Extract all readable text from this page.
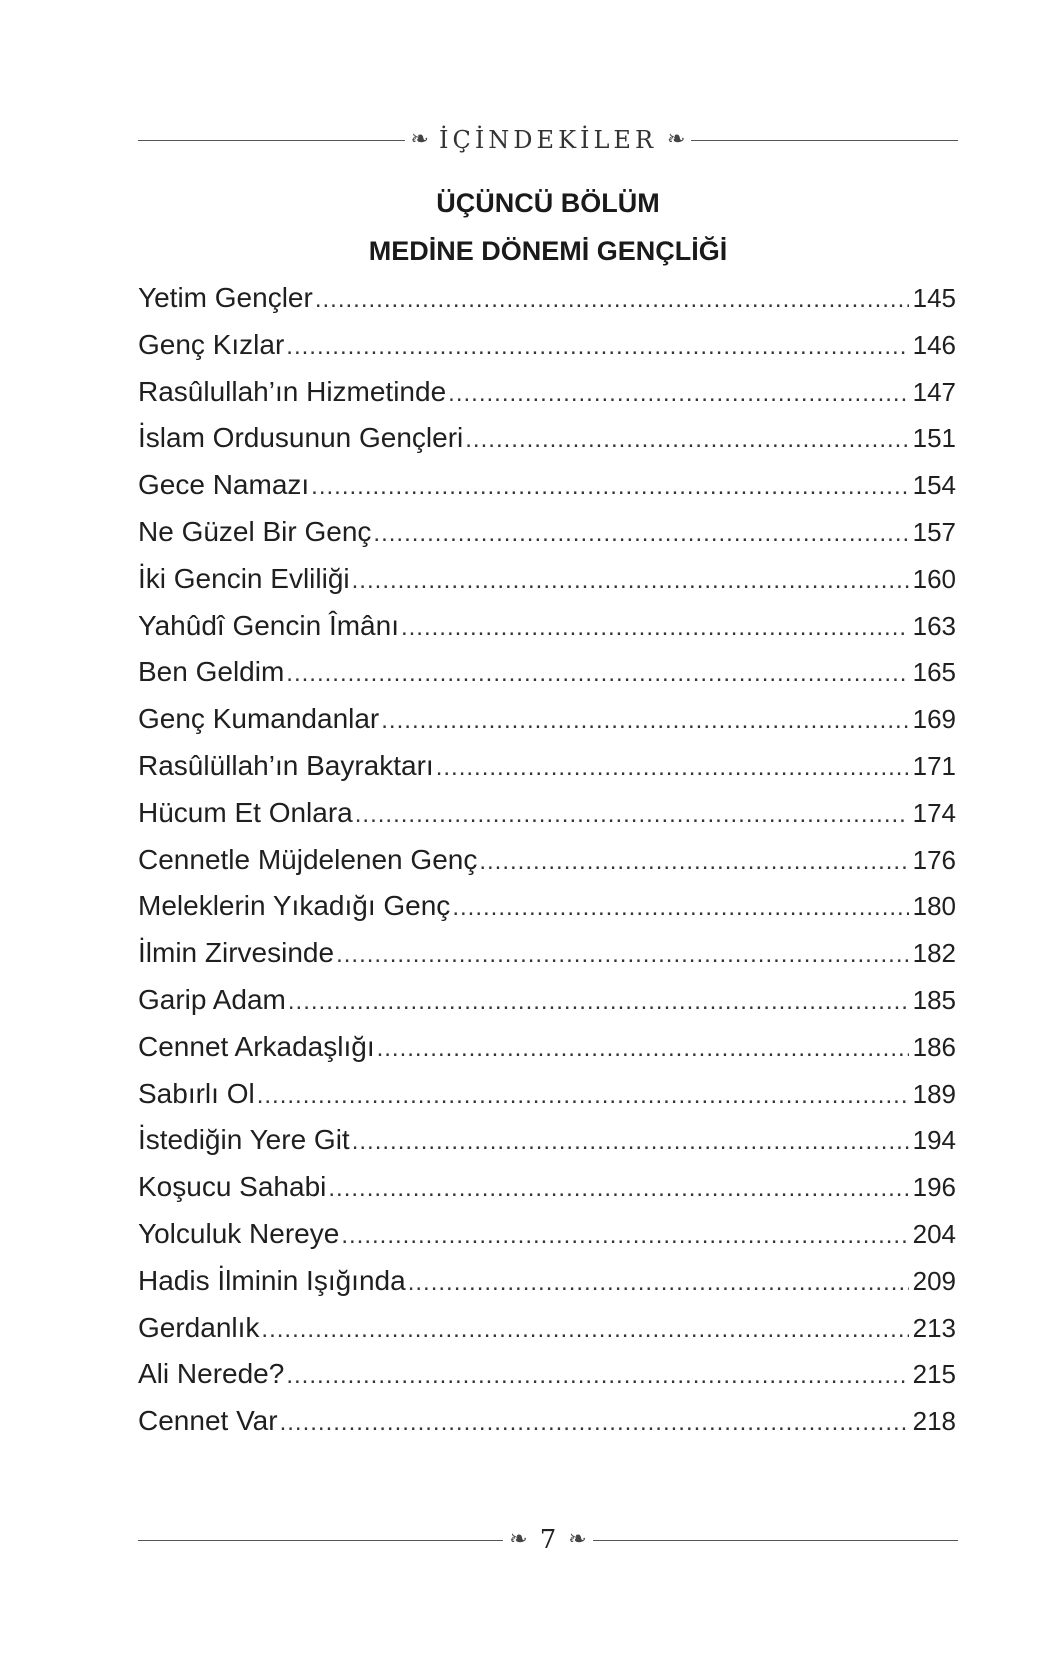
❧ İÇİNDEKİLER ❧
ÜÇÜNCÜ BÖLÜM
MEDİNE DÖNEMİ GENÇLİĞİ
Yetim Gençler .....	145
Genç Kızlar .....	146
Rasûlullah’ın Hizmetinde .....	147
İslam Ordusunun Gençleri .....	151
Gece Namazı .....	154
Ne Güzel Bir Genç .....	157
İki Gencin Evliliği .....	160
Yahûdî Gencin Îmânı .....	163
Ben Geldim .....	165
Genç Kumandanlar .....	169
Rasûlüllah’ın Bayraktarı .....	171
Hücum Et Onlara .....	174
Cennetle Müjdelenen Genç .....	176
Meleklerin Yıkadığı Genç .....	180
İlmin Zirvesinde .....	182
Garip Adam .....	185
Cennet Arkadaşlığı .....	186
Sabırlı Ol .....	189
İstediğin Yere Git .....	194
Koşucu Sahabi .....	196
Yolculuk Nereye .....	204
Hadis İlminin Işığında .....	209
Gerdanlık .....	213
Ali Nerede? .....	215
Cennet Var .....	218
❧ 7 ❧
